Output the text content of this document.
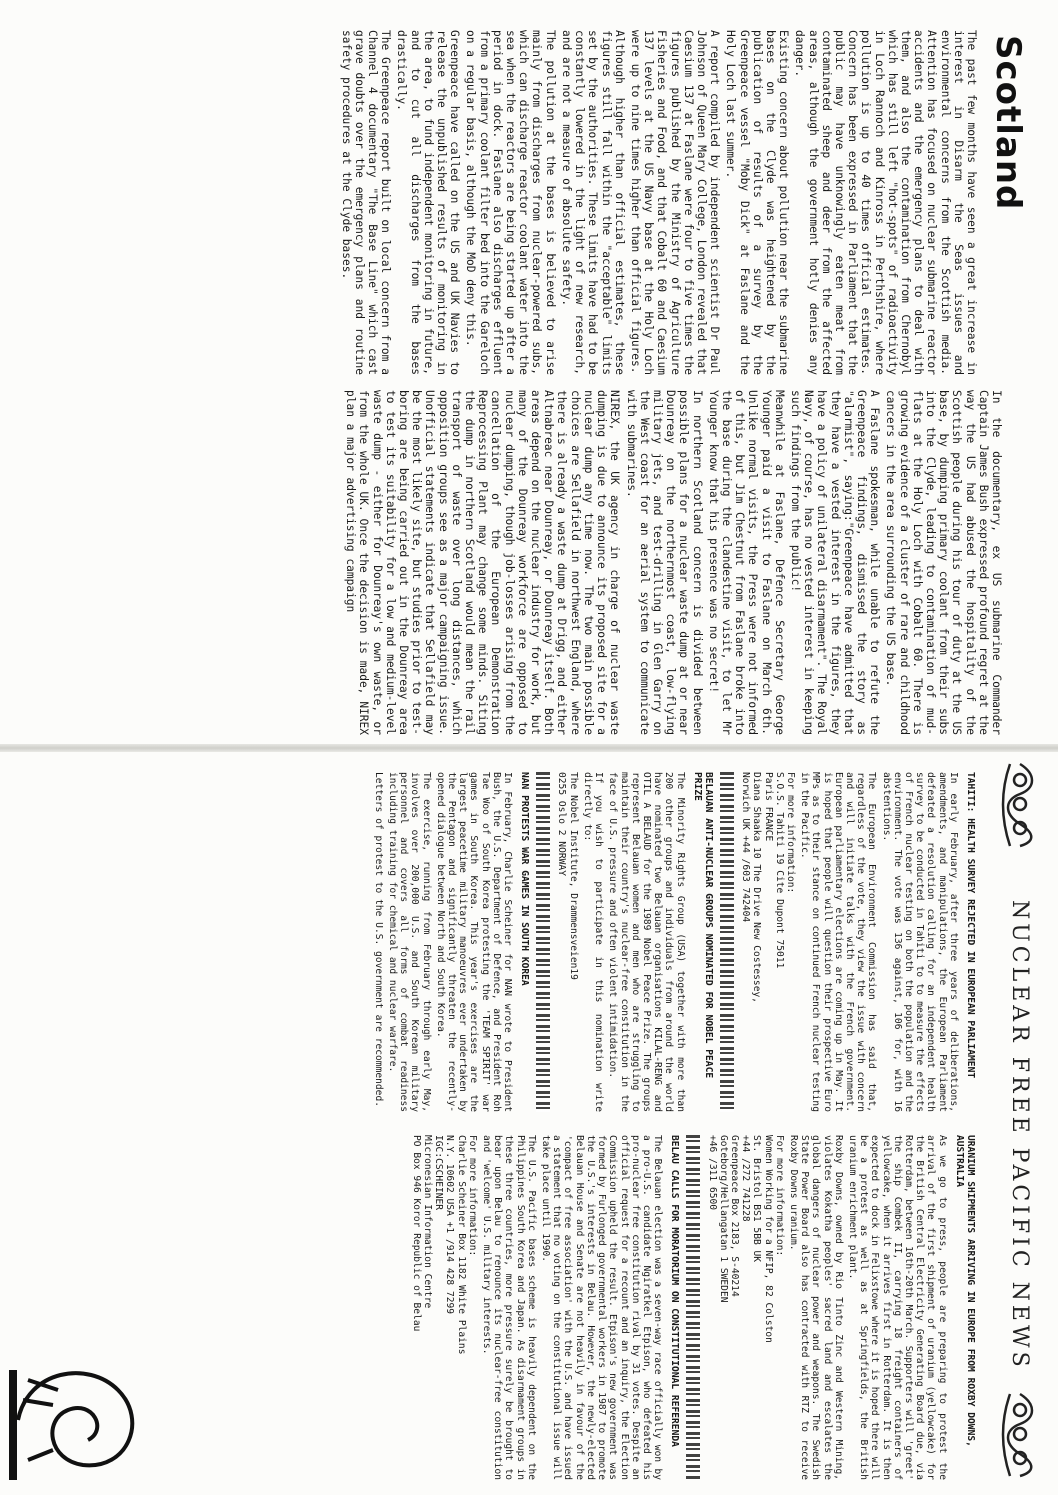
Scotland

The past few months have seen a great increase in interest in Disarm the Seas issues and environmental concerns from the Scottish media. Attention has focused on nuclear submarine reactor accidents and the emergency plans to deal with them, and also the contamination from Chernobyl which has still left "hot-spots" of radioactivity in Loch Rannoch and Kinross in Perthshire, where pollution is up to 40 times official estimates. Concern has been expressed in Parliament that the public may have unknowingly eaten meat from contaminated sheep and deer from the affected areas, although the government hotly denies any danger.

Existing concern about pollution near the submarine bases on the Clyde was heightened by the publication of results of a survey by the Greenpeace vessel "Moby Dick" at Faslane and the Holy Loch last summer.

A report compiled by independent scientist Dr Paul Johnson of Queen Mary College, London revealed that Caesium 137 at Faslane were four to five times the figures published by the Ministry of Agriculture Fisheries and Food, and that Cobalt 60 and Caesium 137 levels at the US Navy base at the Holy Loch were up to nine times higher than official figures.

Although higher than official estimates, these figures still fall within the "acceptable" limits set by the authorities. These limits have had to be constantly lowered in the light of new research, and are not a measure of absolute safety.

The pollution at the bases is believed to arise mainly from discharges from nuclear-powered subs, which can discharge reactor coolant water into the sea when the reactors are being started up after a period in dock. Faslane also discharges effluent from a primary coolant filter bed into the Gareloch on a regular basis, although the MoD deny this.

Greenpeace have called on the US and UK Navies to release the unpublished results of monitoring in the area, to fund independent monitoring in future, and to cut all discharges from the bases drastically.

The Greenpeace report built on local concern from a Channel 4 documentary "The Base Line" which cast grave doubts over the emergency plans and routine safety procedures at the Clyde bases.

In the documentary, ex US submarine Commander Captain James Bush expressed profound regret at the way the US had abused the hospitality of the Scottish people during his tour of duty at the US base, by dumping primary coolant from their subs into the Clyde, leading to contamination of mud-flats at the Holy Loch with Cobalt 60. There is growing evidence of a cluster of rare and childhood cancers in the area surrounding the US base.

A Faslane spokesman, while unable to refute the Greenpeace findings, dismissed the story as "alarmist", saying:"Greenpeace have admitted that they have a vested interest in the figures, they have a policy of unilateral disarmament". The Royal Navy, of course, has no vested interest in keeping such findings from the public!

Meanwhile at Faslane, Defence Secretary George Younger paid a visit to Faslane on March 6th. Unlike normal visits, the Press were not informed of this, but Jim Chestnut from Faslane broke into the base during the clandestine visit, to let Mr Younger know that his presence was no secret!

In northern Scotland concern is divided between possible plans for a nuclear waste dump at or near Dounreay on the northernmost coast, low-flying military jets, and test-drilling in Glen Garry on the West coast for an aerial system to communicate with submarines.

NIREX, the UK agency in charge of nuclear waste dumping is due to announce its proposed site for a nuclear dump any time now. The two main possible choices are Sellafield in northwest England, where there is already a waste dump at Drigg, and either Altnabreac near Dounreay, or Dounreay itself. Both areas depend on the nuclear industry for work, but many of the Dounreay workforce are opposed to nuclear dumping, though job-losses arising from the cancellation of the European Demonstration Reprocessing Plant may change some minds. Siting the dump in northern Scotland would mean the rail transport of waste over long distances, which opposition groups see as a major campaigning issue. Unofficial statements indicate that Sellafield may be the most likely site, but studies prior to test-boring are being carried out in the Dounreay area to test its suitability for a low and medium-level waste dump - either for Dounreay's own waste, or from the whole UK. Once the decision is made, NIREX plan a major advertising campaign

NUCLEAR FREE PACIFIC NEWS

TAHITI: HEALTH SURVEY REJECTED IN EUROPEAN PARLIAMENT

In early February, after three years of deliberations, amendments, and manipulations, the European Parliament defeated a resolution calling for an independent health survey to be conducted in Tahiti to to measure the effects of French nuclear testing on both the population and the environment. The vote was 136 against, 106 for, with 16 abstentions.

The European Environment Commission has said that, regardless of the vote, they view the issue with concern and will initiate talks with the French government. European parliamentary elections are coming up in May. It is hoped that people will question their prospective Euro MPs as to their stance on continued French nuclear testing in the Pacific.

For more information:
S.O.S. Tahiti 19 Cite Dupont 75011
Paris FRANCE
Diana Shaaka 10 The Drive New Costessey,
Norwich UK +44 /603 742404

BELAUAN ANTI-NUCLEAR GROUPS NOMINATED FOR NOBEL PEACE PRIZE

The Minority Rights Group (USA) together with more than 200 other groups and individuals from around the world have nominated two Belauan organisations KILAL-RENG and OTIL A BELAUD for the 1989 Nobel Peace Prize. The groups represent Belauan women and men who are struggling to maintain their country's nuclear-free constitution in the face of U.S. pressure and often violent intimidation.

If you wish to participate in this nomination write directly to:

The Nobel Institute, Drammensveien19
0255 Oslo 2 NORWAY

NAN PROTESTS WAR GAMES IN SOUTH KOREA

In February, Charlie Scheiner for NAN wrote to President Bush, the U.S. Department of Defence, and President Roh Tae Woo of South Korea protesting the 'TEAM SPIRIT' war games in South Korea. This year's exercises are the largest peacetime military manoeuvres ever undertaken by the Pentagon and significantly threaten the recently-opened dialogue between North and South Korea.

The exercise, running from February through early May, involves over 200,000 U.S. and South Korean military personnel and covers all forms of combat readiness including training for chemical and nuclear warfare.

Letters of protest to the U.S. government are recommended.

URANIUM SHIPMENTS ARRIVING IN EUROPE FROM ROXBY DOWNS, AUSTRALIA

As we go to press, people are preparing to protest the arrival of the first shipment of uranium (yellowcake) for the British Central Electricity Generating Board due, via Rotterdam, between 16th-20th March. Supporters will 'greet' the ship Combek II, carrying 18 freight containers of yellowcake, when it arrives first in Rotterdam. It is then expected to dock in Felixstowe where it is hoped there will be a protest as well as at Springfields, the British uranium enrichment plant.

Roxby Downs, owned by Rio Tinto Zinc and Western Mining, violates Kokatha peoples' sacred land and escalates the global dangers of nuclear power and weapons. The Swedish State Power Board also has contracted with RTZ to receive Roxby Downs uranium.

For more information:
Women Working for a NFIP, 82 Colston
St. Bristol BS1 5BB UK
+44 /272 741228
Greenpeace Box 2183, S-40214
Goteborg/Hellangatan 1 SWEDEN
+46 /311 6500

BELAU CALLS FOR MORATORIUM ON CONSTITUTIONAL REFERENDA

The Belauan election was a seven-way race officially won by a pro-U.S. candidate Ngiratkel Etpison, who defeated his pro-nuclear free constitution rival by 31 votes. Despite an official request for a recount and an inquiry, the Election Commission upheld the result. Etpison's new government was formed by Furlonged governmental workers in 1987 to promote the U.S.'s interests in Belau. However, the newly-elected Belauan House and Senate are not heavily in favour of the 'compact of free association' with the U.S. and have issued a statement that no voting on the constitutional issue will take place until 1990.

The U.S. Pacific bases scheme is heavily dependent on the Philippines South Korea and Japan. As disarmament groups in these three countries, more pressure surely be brought to bear upon Belau to renounce its nuclear-free constitution and 'welcome' U.S. military interests.

For more information:
Charlie Scheiner Box 1182 White Plains
N.Y. 10602 USA +1 /914 428 7299
IGC:CSCHEINER
Micronesian Information Centre
PO Box 946 Koror Republic of Belau
